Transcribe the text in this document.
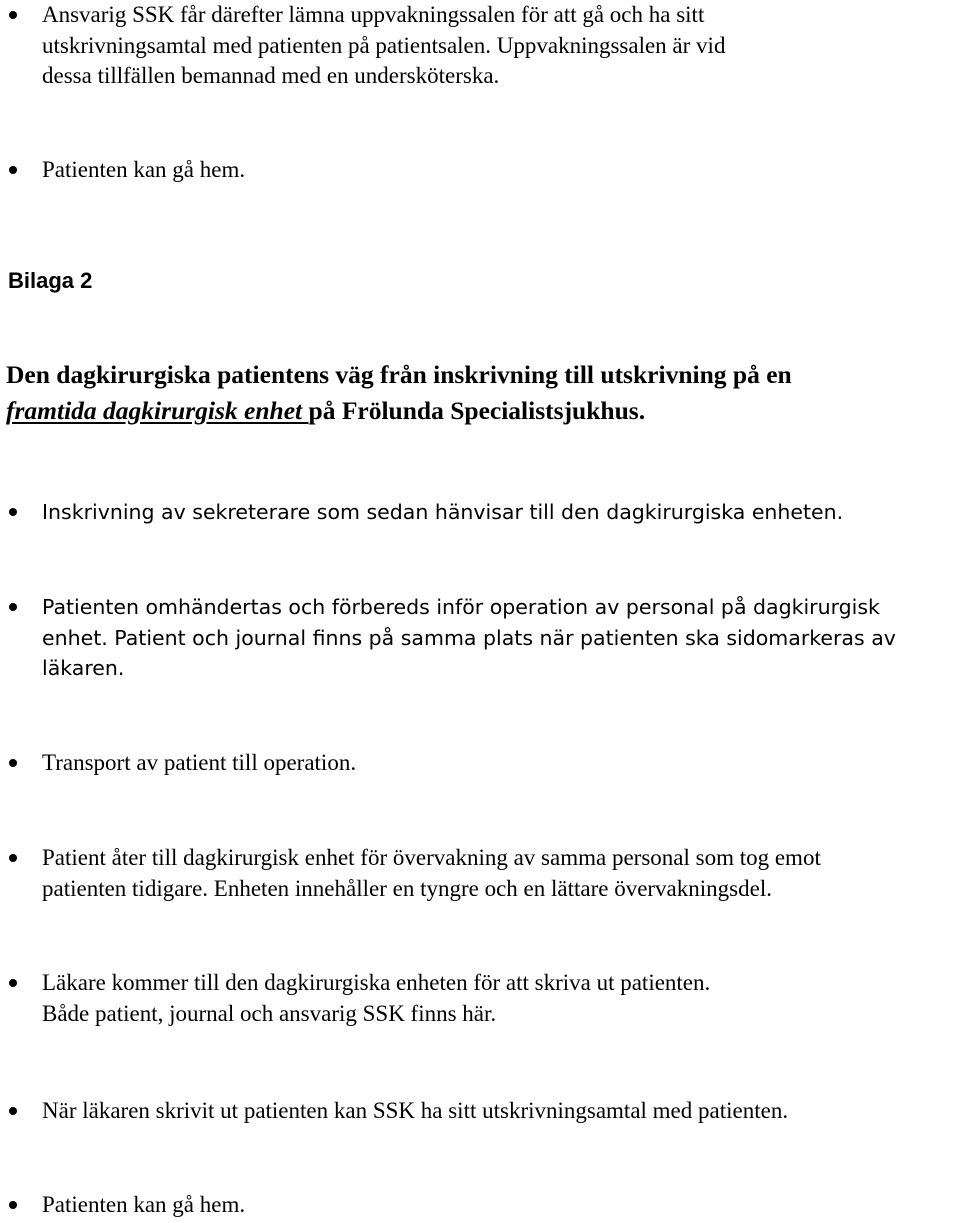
Ansvarig SSK får därefter lämna uppvakningssalen för att gå och ha sitt
utskrivningsamtal med patienten på patientsalen. Uppvakningssalen är vid
dessa tillfällen bemannad med en undersköterska.
Patienten kan gå hem.
Bilaga 2
Den dagkirurgiska patientens väg från inskrivning till utskrivning på en
framtida dagkirurgisk enhet på Frölunda Specialistsjukhus.
Inskrivning av sekreterare som sedan hänvisar till den dagkirurgiska enheten.
Patienten omhändertas och förbereds inför operation av personal på dagkirurgisk
enhet. Patient och journal finns på samma plats när patienten ska sidomarkeras av
läkaren.
Transport av patient till operation.
Patient åter till dagkirurgisk enhet för övervakning av samma personal som tog emot
patienten tidigare. Enheten innehåller en tyngre och en lättare övervakningsdel.
Läkare kommer till den dagkirurgiska enheten för att skriva ut patienten.
Både patient, journal och ansvarig SSK finns här.
När läkaren skrivit ut patienten kan SSK ha sitt utskrivningsamtal med patienten.
Patienten kan gå hem.
